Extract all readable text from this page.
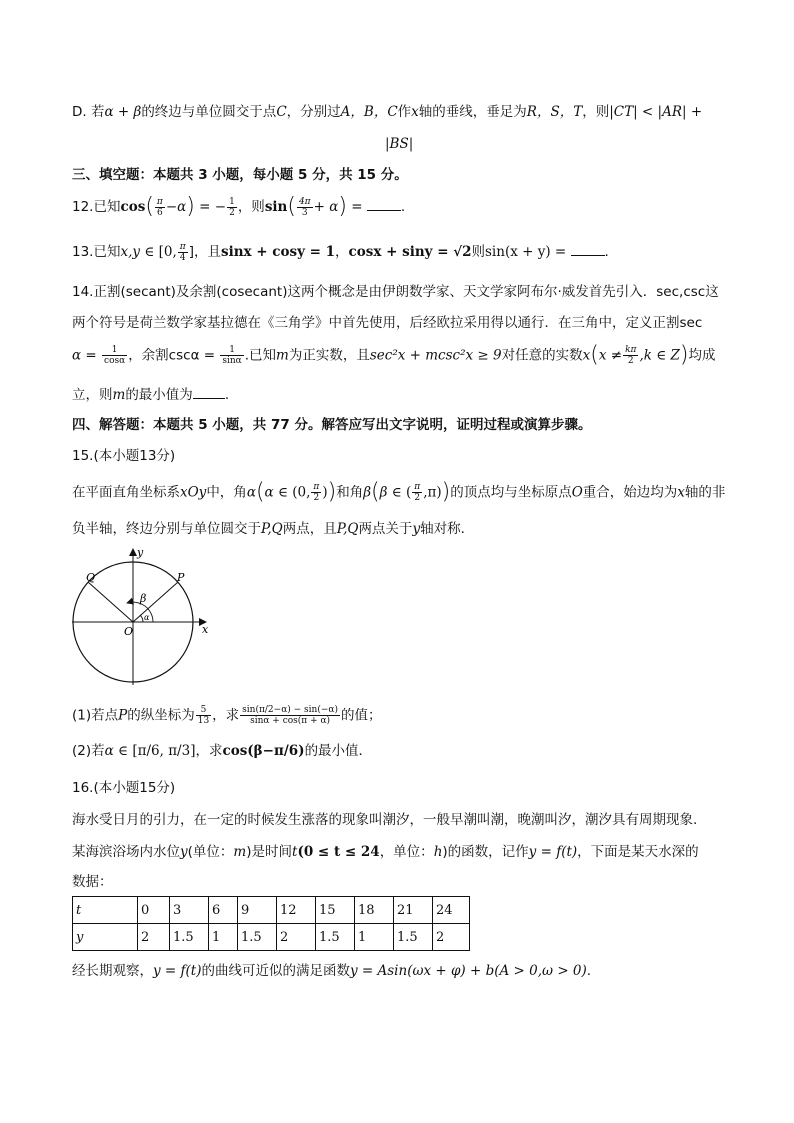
D. 若α + β的终边与单位圆交于点C，分别过A，B，C作x轴的垂线，垂足为R，S，T，则|CT| < |AR| +
|BS|
三、填空题：本题共 3 小题，每小题 5 分，共 15 分。
12.已知$\cos( \frac{\pi}{6} -\alpha)$ = − $\frac{1}{2}$ ，则$\sin( \frac{4\pi}{3} + \alpha)$ =	.
13.已知x,y ∈ [0, $\frac{\pi}{4}$ ]，且sinx + cosy = 1，cosx + siny = √2则sin(x + y) =	.
14.正割(secant)及余割(cosecant)这两个概念是由伊朗数学家、天文学家阿布尔·威发首先引入．sec,csc这
两个符号是荷兰数学家基拉德在《三角学》中首先使用，后经欧拉采用得以通行．在三角中，定义正割sec
$\alpha = \frac{1}{\cos\alpha}$ ，余割$\csc\alpha = \frac{1}{\sin\alpha}$ .已知m为正实数，且sec²x + mcsc²x ≥ 9对任意的实数$x(x \ne \frac{k\pi}{2} ,k$ ∈ Z)均成
立，则m的最小值为 .
四、解答题：本题共 5 小题，共 77 分。解答应写出文字说明，证明过程或演算步骤。
15.(本小题13分)
在平面直角坐标系xOy中，角α(α ∈ (0, $\frac{\pi}{2}$ ))和角β(β ∈ ( $\frac{\pi}{2} ,\pi$))的顶点均与坐标原点O重合，始边均为x轴的非
负半轴，终边分别与单位圆交于P,Q两点，且P,Q两点关于y轴对称．
y
x
O
P
Q
β
α
(1)若点P的纵坐标为 $\frac{5}{13}$ ，求 $\frac{\sin(\pi/2-\alpha) - \sin(-\alpha)}{\sin\alpha + \cos(\pi + \alpha)}$ 的值；
(2)若α ∈ [π/6, π/3]，求cos(β−π/6)的最小值．
16.(本小题15分)
海水受日月的引力，在一定的时候发生涨落的现象叫潮汐，一般早潮叫潮，晚潮叫汐，潮汐具有周期现象.
某海滨浴场内水位y(单位：m)是时间t(0 ≤ t ≤ 24，单位：h)的函数，记作y = f(t)，下面是某天水深的
数据：
t	0	3	6	9	12	15	18	21	24
y	2	1.5	1	1.5	2	1.5	1	1.5	2
经长期观察，y = f(t)的曲线可近似的满足函数y = Asin(ωx + φ) + b(A > 0,ω > 0).
